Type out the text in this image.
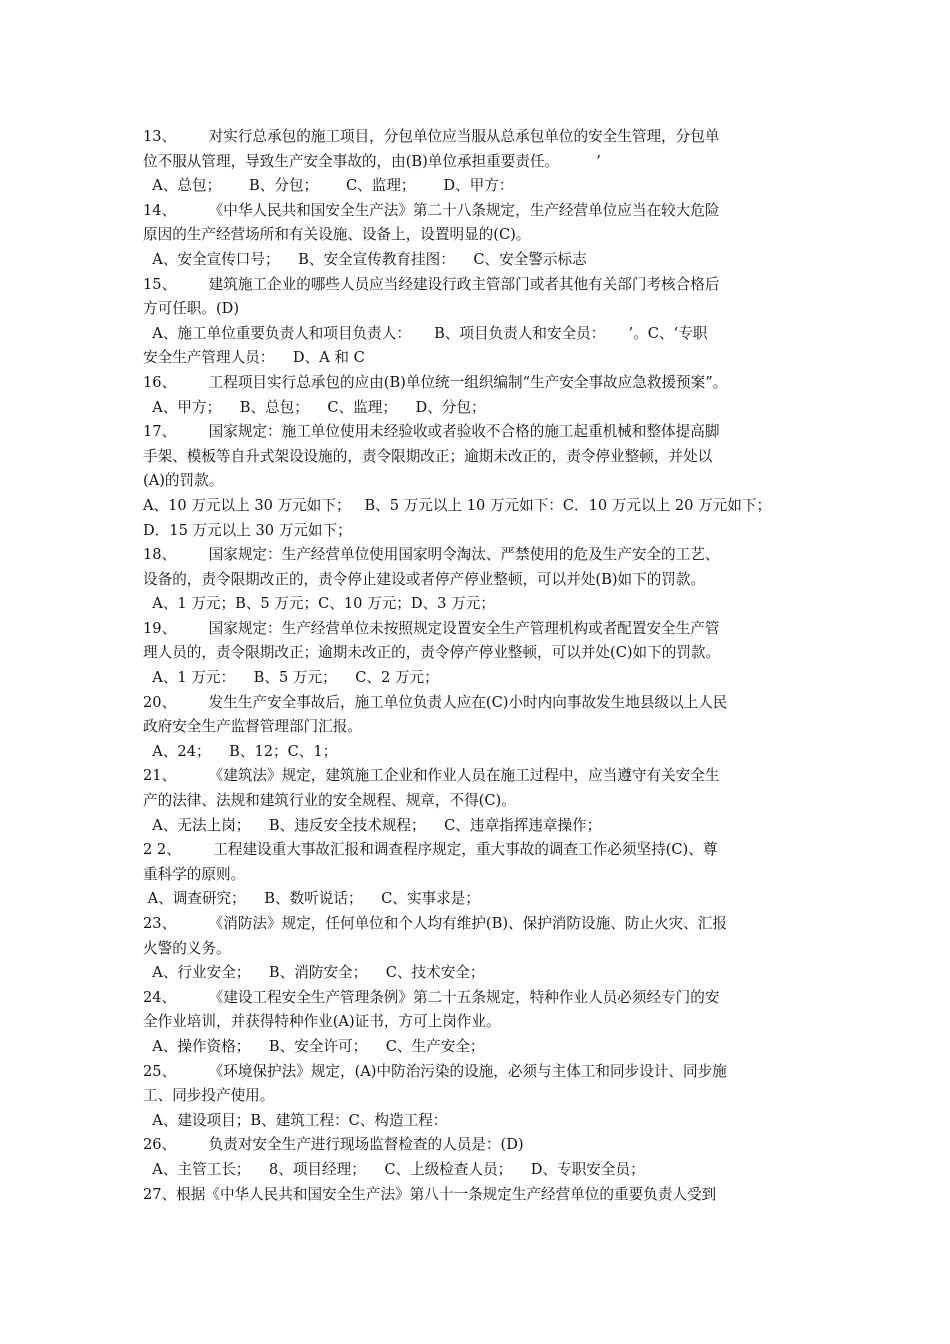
13、       对实行总承包的施工项目，分包单位应当服从总承包单位的安全生管理，分包单
位不服从管理，导致生产安全事故的，由(B)单位承担重要责任。        ’
A、总包；      B、分包；      C、监理；      D、甲方：
14、       《中华人民共和国安全生产法》第二十八条规定，生产经营单位应当在较大危险
原因的生产经营场所和有关设施、设备上，设置明显的(C)。
A、安全宣传口号；    B、安全宣传教育挂图：    C、安全警示标志
15、       建筑施工企业的哪些人员应当经建设行政主管部门或者其他有关部门考核合格后
方可任职。(D)
A、施工单位重要负责人和项目负责人：     B、项目负责人和安全员：     ’。C、‘专职
安全生产管理人员：    D、A 和 C
16、       工程项目实行总承包的应由(B)单位统一组织编制“生产安全事故应急救援预案”。
A、甲方；    B、总包；    C、监理；    D、分包；
17、       国家规定：施工单位使用未经验收或者验收不合格的施工起重机械和整体提高脚
手架、模板等自升式架设设施的，责令限期改正；逾期未改正的，责令停业整顿，并处以
(A)的罚款。
A、10 万元以上 30 万元如下；   B、5 万元以上 10 万元如下：C．10 万元以上 20 万元如下；
D．15 万元以上 30 万元如下；
18、       国家规定：生产经营单位使用国家明令淘汰、严禁使用的危及生产安全的工艺、
设备的，责令限期改正的，责令停止建设或者停产停业整顿，可以并处(B)如下的罚款。
A、1 万元；B、5 万元；C、10 万元；D、3 万元；
19、       国家规定：生产经营单位未按照规定设置安全生产管理机构或者配置安全生产管
理人员的，责令限期改正；逾期未改正的，责令停产停业整顿，可以并处(C)如下的罚款。
A、1 万元：    B、5 万元；    C、2 万元；
20、       发生生产安全事故后，施工单位负责人应在(C)小时内向事故发生地县级以上人民
政府安全生产监督管理部门汇报。
A、24；    B、12；C、1；
21、       《建筑法》规定，建筑施工企业和作业人员在施工过程中，应当遵守有关安全生
产的法律、法规和建筑行业的安全规程、规章，不得(C)。
A、无法上岗；    B、违反安全技术规程；    C、违章指挥违章操作；
2 2、       工程建设重大事故汇报和调查程序规定，重大事故的调查工作必须坚持(C)、尊
重科学的原则。
A、调查研究；    B、数听说话；    C、实事求是；
23、       《消防法》规定，任何单位和个人均有维护(B)、保护消防设施、防止火灾、汇报
火警的义务。
A、行业安全；    B、消防安全；    C、技术安全；
24、       《建设工程安全生产管理条例》第二十五条规定，特种作业人员必须经专门的安
全作业培训，并获得特种作业(A)证书，方可上岗作业。
A、操作资格；    B、安全许可；    C、生产安全；
25、       《环境保护法》规定，(A)中防治污染的设施，必须与主体工和同步设计、同步施
工、同步投产使用。
A、建设项目；B、建筑工程：C、构造工程：
26、       负责对安全生产进行现场监督检查的人员是：(D)
A、主管工长；    8、项目经理；    C、上级检查人员；    D、专职安全员；
27、根据《中华人民共和国安全生产法》第八十一条规定生产经营单位的重要负责人受到
